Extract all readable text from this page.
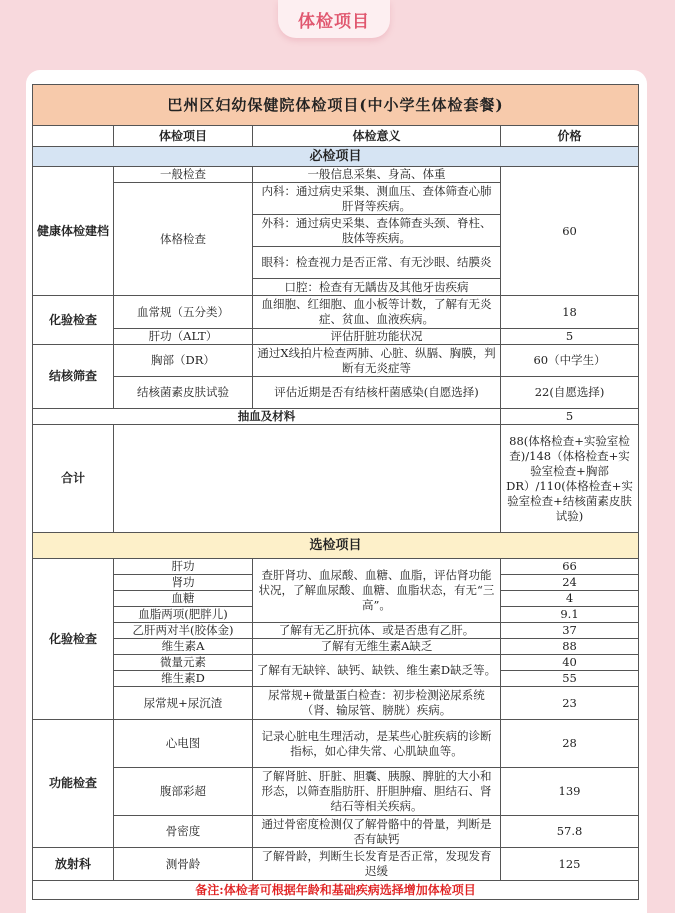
体检项目
巴州区妇幼保健院体检项目(中小学生体检套餐)			
	体检项目	体检意义	价格
必检项目			
健康体检建档	一般检查	一般信息采集、身高、体重	60
	体格检查	内科：通过病史采集、测血压、查体筛查心肺肝肾等疾病。	
		外科：通过病史采集、查体筛查头颈、脊柱、肢体等疾病。	
		眼科：检查视力是否正常、有无沙眼、结膜炎	
		口腔：检查有无龋齿及其他牙齿疾病	
化验检查	血常规（五分类）	血细胞、红细胞、血小板等计数，了解有无炎症、贫血、血液疾病。	18
	肝功（ALT）	评估肝脏功能状况	5
结核筛查	胸部（DR）	通过X线拍片检查两肺、心脏、纵膈、胸膜，判断有无炎症等	60（中学生）
	结核菌素皮肤试验	评估近期是否有结核杆菌感染(自愿选择)	22(自愿选择)
抽血及材料			5
合计			88(体格检查+实验室检查)/148（体格检查+实验室检查+胸部DR）/110(体格检查+实验室检查+结核菌素皮肤试验)
选检项目			
化验检查	肝功	查肝肾功、血尿酸、血糖、血脂，评估肾功能状况，了解血尿酸、血糖、血脂状态，有无“三高”。	66
	肾功		24
	血糖		4
	血脂两项(肥胖儿)		9.1
	乙肝两对半(胶体金)	了解有无乙肝抗体、或是否患有乙肝。	37
	维生素A	了解有无维生素A缺乏	88
	微量元素	了解有无缺锌、缺钙、缺铁、维生素D缺乏等。	40
	维生素D		55
	尿常规+尿沉渣	尿常规+微量蛋白检查：初步检测泌尿系统（肾、输尿管、膀胱）疾病。	23
功能检查	心电图	记录心脏电生理活动，是某些心脏疾病的诊断指标，如心律失常、心肌缺血等。	28
	腹部彩超	了解肾脏、肝脏、胆囊、胰腺、脾脏的大小和形态，以筛查脂肪肝、肝胆肿瘤、胆结石、肾结石等相关疾病。	139
	骨密度	通过骨密度检测仅了解骨骼中的骨量，判断是否有缺钙	57.8
放射科	测骨龄	了解骨龄，判断生长发育是否正常，发现发育迟缓	125
备注:体检者可根据年龄和基础疾病选择增加体检项目			
